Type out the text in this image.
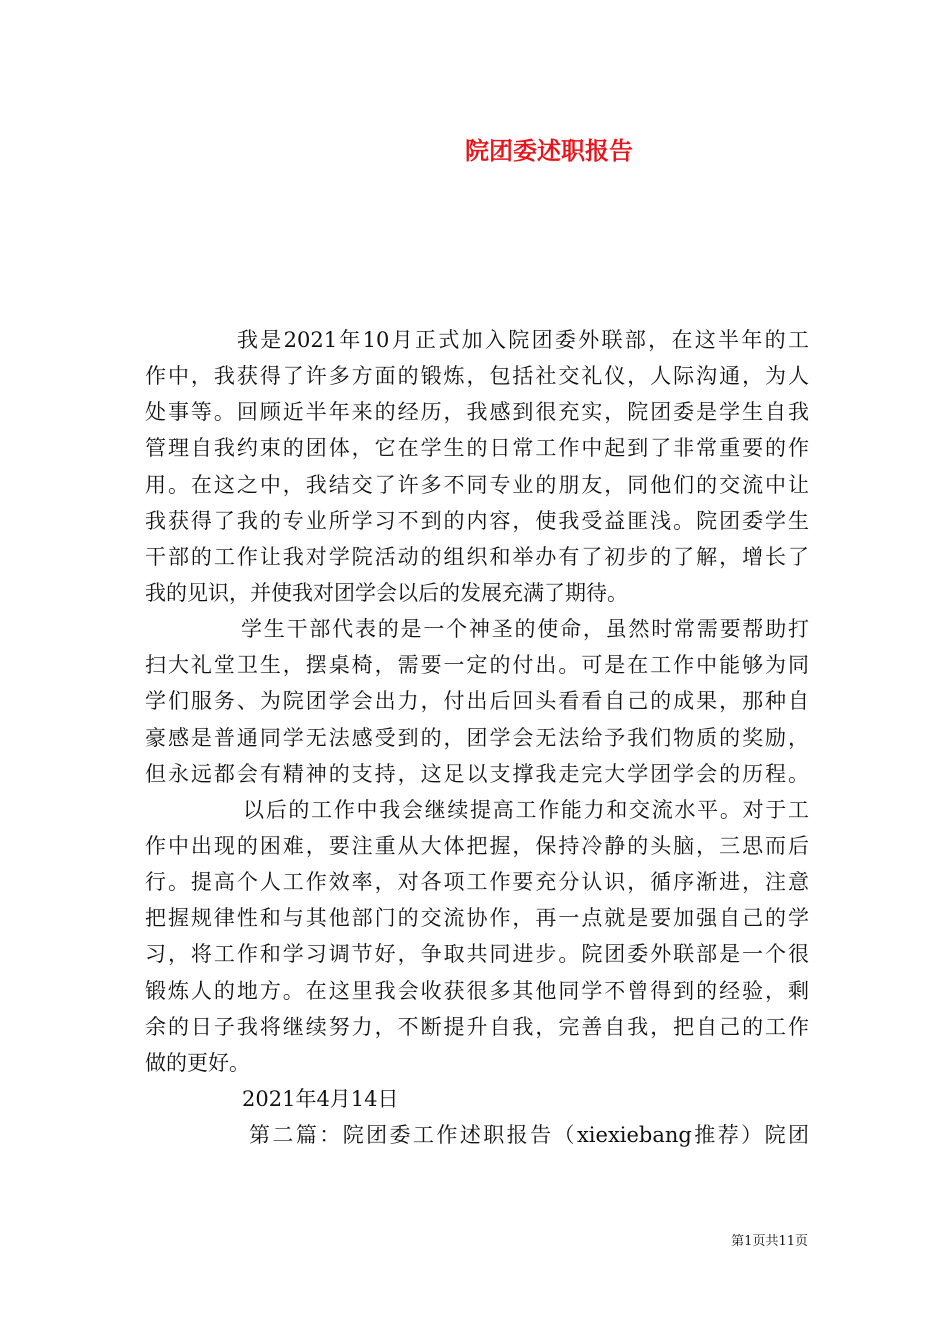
院团委述职报告
我是2021年10月正式加入院团委外联部，在这半年的工
作中，我获得了许多方面的锻炼，包括社交礼仪，人际沟通，为人
处事等。回顾近半年来的经历，我感到很充实，院团委是学生自我
管理自我约束的团体，它在学生的日常工作中起到了非常重要的作
用。在这之中，我结交了许多不同专业的朋友，同他们的交流中让
我获得了我的专业所学习不到的内容，使我受益匪浅。院团委学生
干部的工作让我对学院活动的组织和举办有了初步的了解，增长了
我的见识，并使我对团学会以后的发展充满了期待。
学生干部代表的是一个神圣的使命，虽然时常需要帮助打
扫大礼堂卫生，摆桌椅，需要一定的付出。可是在工作中能够为同
学们服务、为院团学会出力，付出后回头看看自己的成果，那种自
豪感是普通同学无法感受到的，团学会无法给予我们物质的奖励，
但永远都会有精神的支持，这足以支撑我走完大学团学会的历程。
以后的工作中我会继续提高工作能力和交流水平。对于工
作中出现的困难，要注重从大体把握，保持冷静的头脑，三思而后
行。提高个人工作效率，对各项工作要充分认识，循序渐进，注意
把握规律性和与其他部门的交流协作，再一点就是要加强自己的学
习，将工作和学习调节好，争取共同进步。院团委外联部是一个很
锻炼人的地方。在这里我会收获很多其他同学不曾得到的经验，剩
余的日子我将继续努力，不断提升自我，完善自我，把自己的工作
做的更好。
2021年4月14日
第二篇：院团委工作述职报告（xiexiebang推荐）院团
第1页共11页
